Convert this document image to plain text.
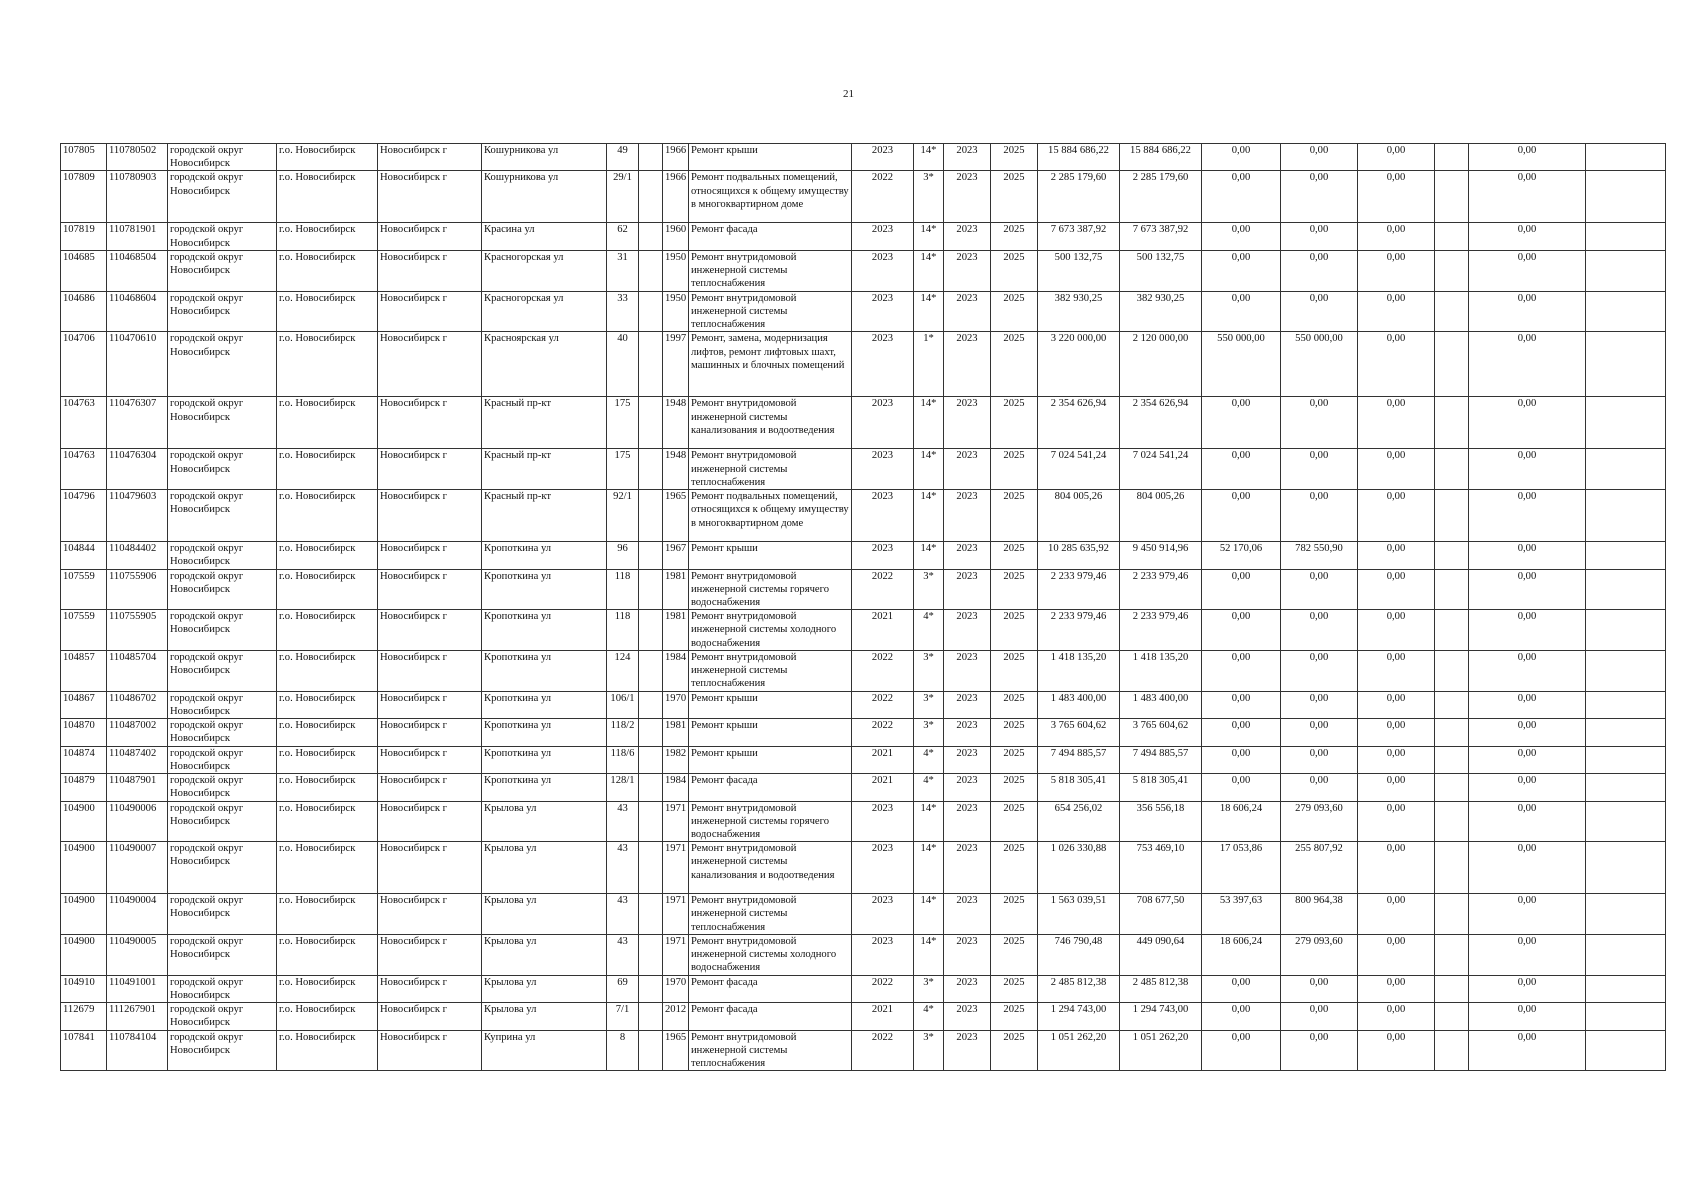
21
107805	110780502	городской округ Новосибирск	г.о. Новосибирск	Новосибирск г	Кошурникова ул	49		1966	Ремонт крыши	2023	14*	2023	2025	15 884 686,22	15 884 686,22	0,00	0,00	0,00		0,00	
107809	110780903	городской округ Новосибирск	г.о. Новосибирск	Новосибирск г	Кошурникова ул	29/1		1966	Ремонт подвальных помещений, относящихся к общему имуществу в многоквартирном доме	2022	3*	2023	2025	2 285 179,60	2 285 179,60	0,00	0,00	0,00		0,00	
107819	110781901	городской округ Новосибирск	г.о. Новосибирск	Новосибирск г	Красина ул	62		1960	Ремонт фасада	2023	14*	2023	2025	7 673 387,92	7 673 387,92	0,00	0,00	0,00		0,00	
104685	110468504	городской округ Новосибирск	г.о. Новосибирск	Новосибирск г	Красногорская ул	31		1950	Ремонт внутридомовой инженерной системы теплоснабжения	2023	14*	2023	2025	500 132,75	500 132,75	0,00	0,00	0,00		0,00	
104686	110468604	городской округ Новосибирск	г.о. Новосибирск	Новосибирск г	Красногорская ул	33		1950	Ремонт внутридомовой инженерной системы теплоснабжения	2023	14*	2023	2025	382 930,25	382 930,25	0,00	0,00	0,00		0,00	
104706	110470610	городской округ Новосибирск	г.о. Новосибирск	Новосибирск г	Красноярская ул	40		1997	Ремонт, замена, модернизация лифтов, ремонт лифтовых шахт, машинных и блочных помещений	2023	1*	2023	2025	3 220 000,00	2 120 000,00	550 000,00	550 000,00	0,00		0,00	
104763	110476307	городской округ Новосибирск	г.о. Новосибирск	Новосибирск г	Красный пр-кт	175		1948	Ремонт внутридомовой инженерной системы канализования и водоотведения	2023	14*	2023	2025	2 354 626,94	2 354 626,94	0,00	0,00	0,00		0,00	
104763	110476304	городской округ Новосибирск	г.о. Новосибирск	Новосибирск г	Красный пр-кт	175		1948	Ремонт внутридомовой инженерной системы теплоснабжения	2023	14*	2023	2025	7 024 541,24	7 024 541,24	0,00	0,00	0,00		0,00	
104796	110479603	городской округ Новосибирск	г.о. Новосибирск	Новосибирск г	Красный пр-кт	92/1		1965	Ремонт подвальных помещений, относящихся к общему имуществу в многоквартирном доме	2023	14*	2023	2025	804 005,26	804 005,26	0,00	0,00	0,00		0,00	
104844	110484402	городской округ Новосибирск	г.о. Новосибирск	Новосибирск г	Кропоткина ул	96		1967	Ремонт крыши	2023	14*	2023	2025	10 285 635,92	9 450 914,96	52 170,06	782 550,90	0,00		0,00	
107559	110755906	городской округ Новосибирск	г.о. Новосибирск	Новосибирск г	Кропоткина ул	118		1981	Ремонт внутридомовой инженерной системы горячего водоснабжения	2022	3*	2023	2025	2 233 979,46	2 233 979,46	0,00	0,00	0,00		0,00	
107559	110755905	городской округ Новосибирск	г.о. Новосибирск	Новосибирск г	Кропоткина ул	118		1981	Ремонт внутридомовой инженерной системы холодного водоснабжения	2021	4*	2023	2025	2 233 979,46	2 233 979,46	0,00	0,00	0,00		0,00	
104857	110485704	городской округ Новосибирск	г.о. Новосибирск	Новосибирск г	Кропоткина ул	124		1984	Ремонт внутридомовой инженерной системы теплоснабжения	2022	3*	2023	2025	1 418 135,20	1 418 135,20	0,00	0,00	0,00		0,00	
104867	110486702	городской округ Новосибирск	г.о. Новосибирск	Новосибирск г	Кропоткина ул	106/1		1970	Ремонт крыши	2022	3*	2023	2025	1 483 400,00	1 483 400,00	0,00	0,00	0,00		0,00	
104870	110487002	городской округ Новосибирск	г.о. Новосибирск	Новосибирск г	Кропоткина ул	118/2		1981	Ремонт крыши	2022	3*	2023	2025	3 765 604,62	3 765 604,62	0,00	0,00	0,00		0,00	
104874	110487402	городской округ Новосибирск	г.о. Новосибирск	Новосибирск г	Кропоткина ул	118/6		1982	Ремонт крыши	2021	4*	2023	2025	7 494 885,57	7 494 885,57	0,00	0,00	0,00		0,00	
104879	110487901	городской округ Новосибирск	г.о. Новосибирск	Новосибирск г	Кропоткина ул	128/1		1984	Ремонт фасада	2021	4*	2023	2025	5 818 305,41	5 818 305,41	0,00	0,00	0,00		0,00	
104900	110490006	городской округ Новосибирск	г.о. Новосибирск	Новосибирск г	Крылова ул	43		1971	Ремонт внутридомовой инженерной системы горячего водоснабжения	2023	14*	2023	2025	654 256,02	356 556,18	18 606,24	279 093,60	0,00		0,00	
104900	110490007	городской округ Новосибирск	г.о. Новосибирск	Новосибирск г	Крылова ул	43		1971	Ремонт внутридомовой инженерной системы канализования и водоотведения	2023	14*	2023	2025	1 026 330,88	753 469,10	17 053,86	255 807,92	0,00		0,00	
104900	110490004	городской округ Новосибирск	г.о. Новосибирск	Новосибирск г	Крылова ул	43		1971	Ремонт внутридомовой инженерной системы теплоснабжения	2023	14*	2023	2025	1 563 039,51	708 677,50	53 397,63	800 964,38	0,00		0,00	
104900	110490005	городской округ Новосибирск	г.о. Новосибирск	Новосибирск г	Крылова ул	43		1971	Ремонт внутридомовой инженерной системы холодного водоснабжения	2023	14*	2023	2025	746 790,48	449 090,64	18 606,24	279 093,60	0,00		0,00	
104910	110491001	городской округ Новосибирск	г.о. Новосибирск	Новосибирск г	Крылова ул	69		1970	Ремонт фасада	2022	3*	2023	2025	2 485 812,38	2 485 812,38	0,00	0,00	0,00		0,00	
112679	111267901	городской округ Новосибирск	г.о. Новосибирск	Новосибирск г	Крылова ул	7/1		2012	Ремонт фасада	2021	4*	2023	2025	1 294 743,00	1 294 743,00	0,00	0,00	0,00		0,00	
107841	110784104	городской округ Новосибирск	г.о. Новосибирск	Новосибирск г	Куприна ул	8		1965	Ремонт внутридомовой инженерной системы теплоснабжения	2022	3*	2023	2025	1 051 262,20	1 051 262,20	0,00	0,00	0,00		0,00	
